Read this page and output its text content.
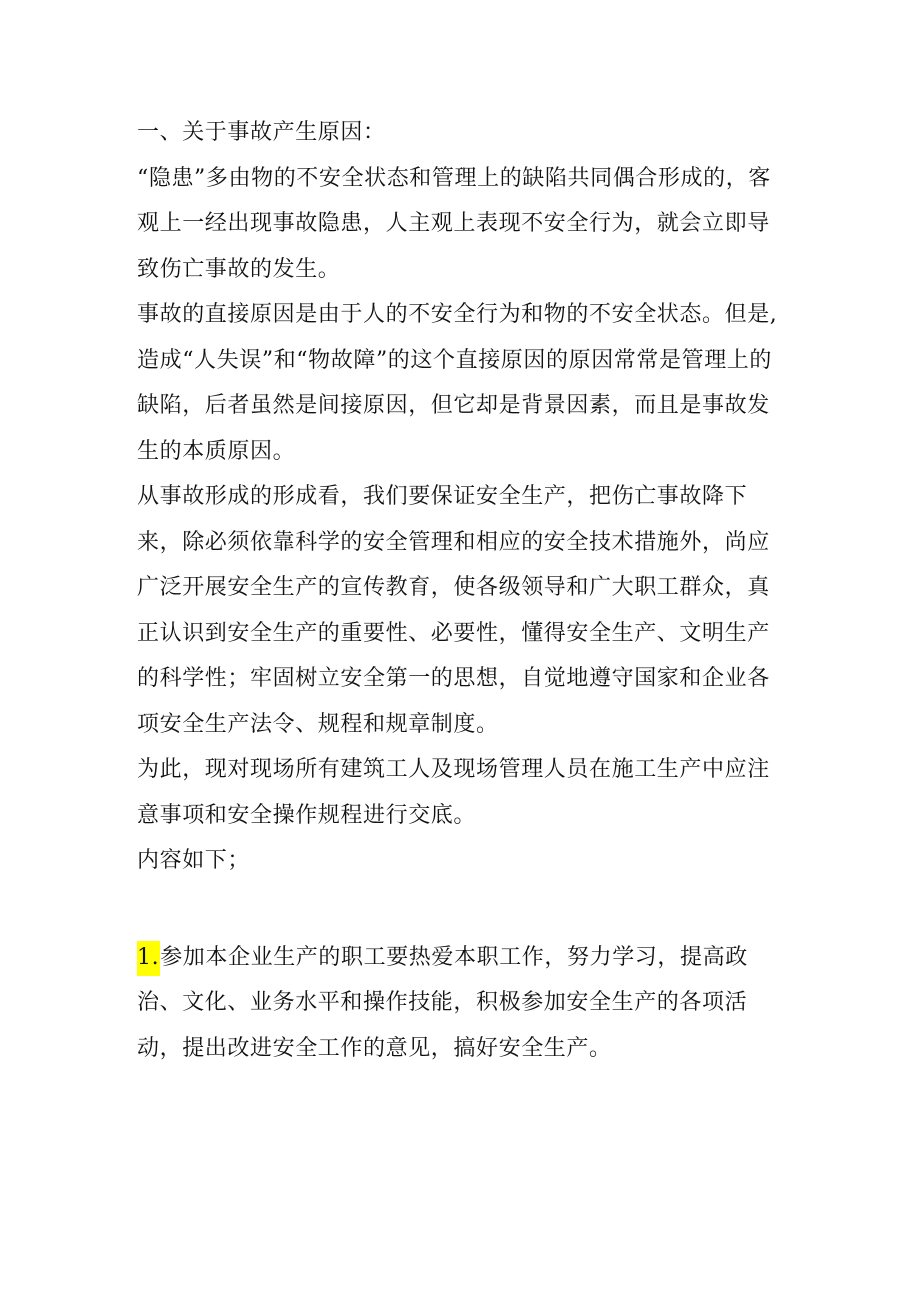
一、关于事故产生原因：

“隐患”多由物的不安全状态和管理上的缺陷共同偶合形成的，客观上一经出现事故隐患，人主观上表现不安全行为，就会立即导致伤亡事故的发生。

事故的直接原因是由于人的不安全行为和物的不安全状态。但是,造成“人失误”和“物故障”的这个直接原因的原因常常是管理上的缺陷，后者虽然是间接原因，但它却是背景因素，而且是事故发生的本质原因。

从事故形成的形成看，我们要保证安全生产，把伤亡事故降下来，除必须依靠科学的安全管理和相应的安全技术措施外，尚应广泛开展安全生产的宣传教育，使各级领导和广大职工群众，真正认识到安全生产的重要性、必要性，懂得安全生产、文明生产的科学性；牢固树立安全第一的思想，自觉地遵守国家和企业各项安全生产法令、规程和规章制度。

为此，现对现场所有建筑工人及现场管理人员在施工生产中应注意事项和安全操作规程进行交底。

内容如下；

1.参加本企业生产的职工要热爱本职工作，努力学习，提高政治、文化、业务水平和操作技能，积极参加安全生产的各项活动，提出改进安全工作的意见，搞好安全生产。
